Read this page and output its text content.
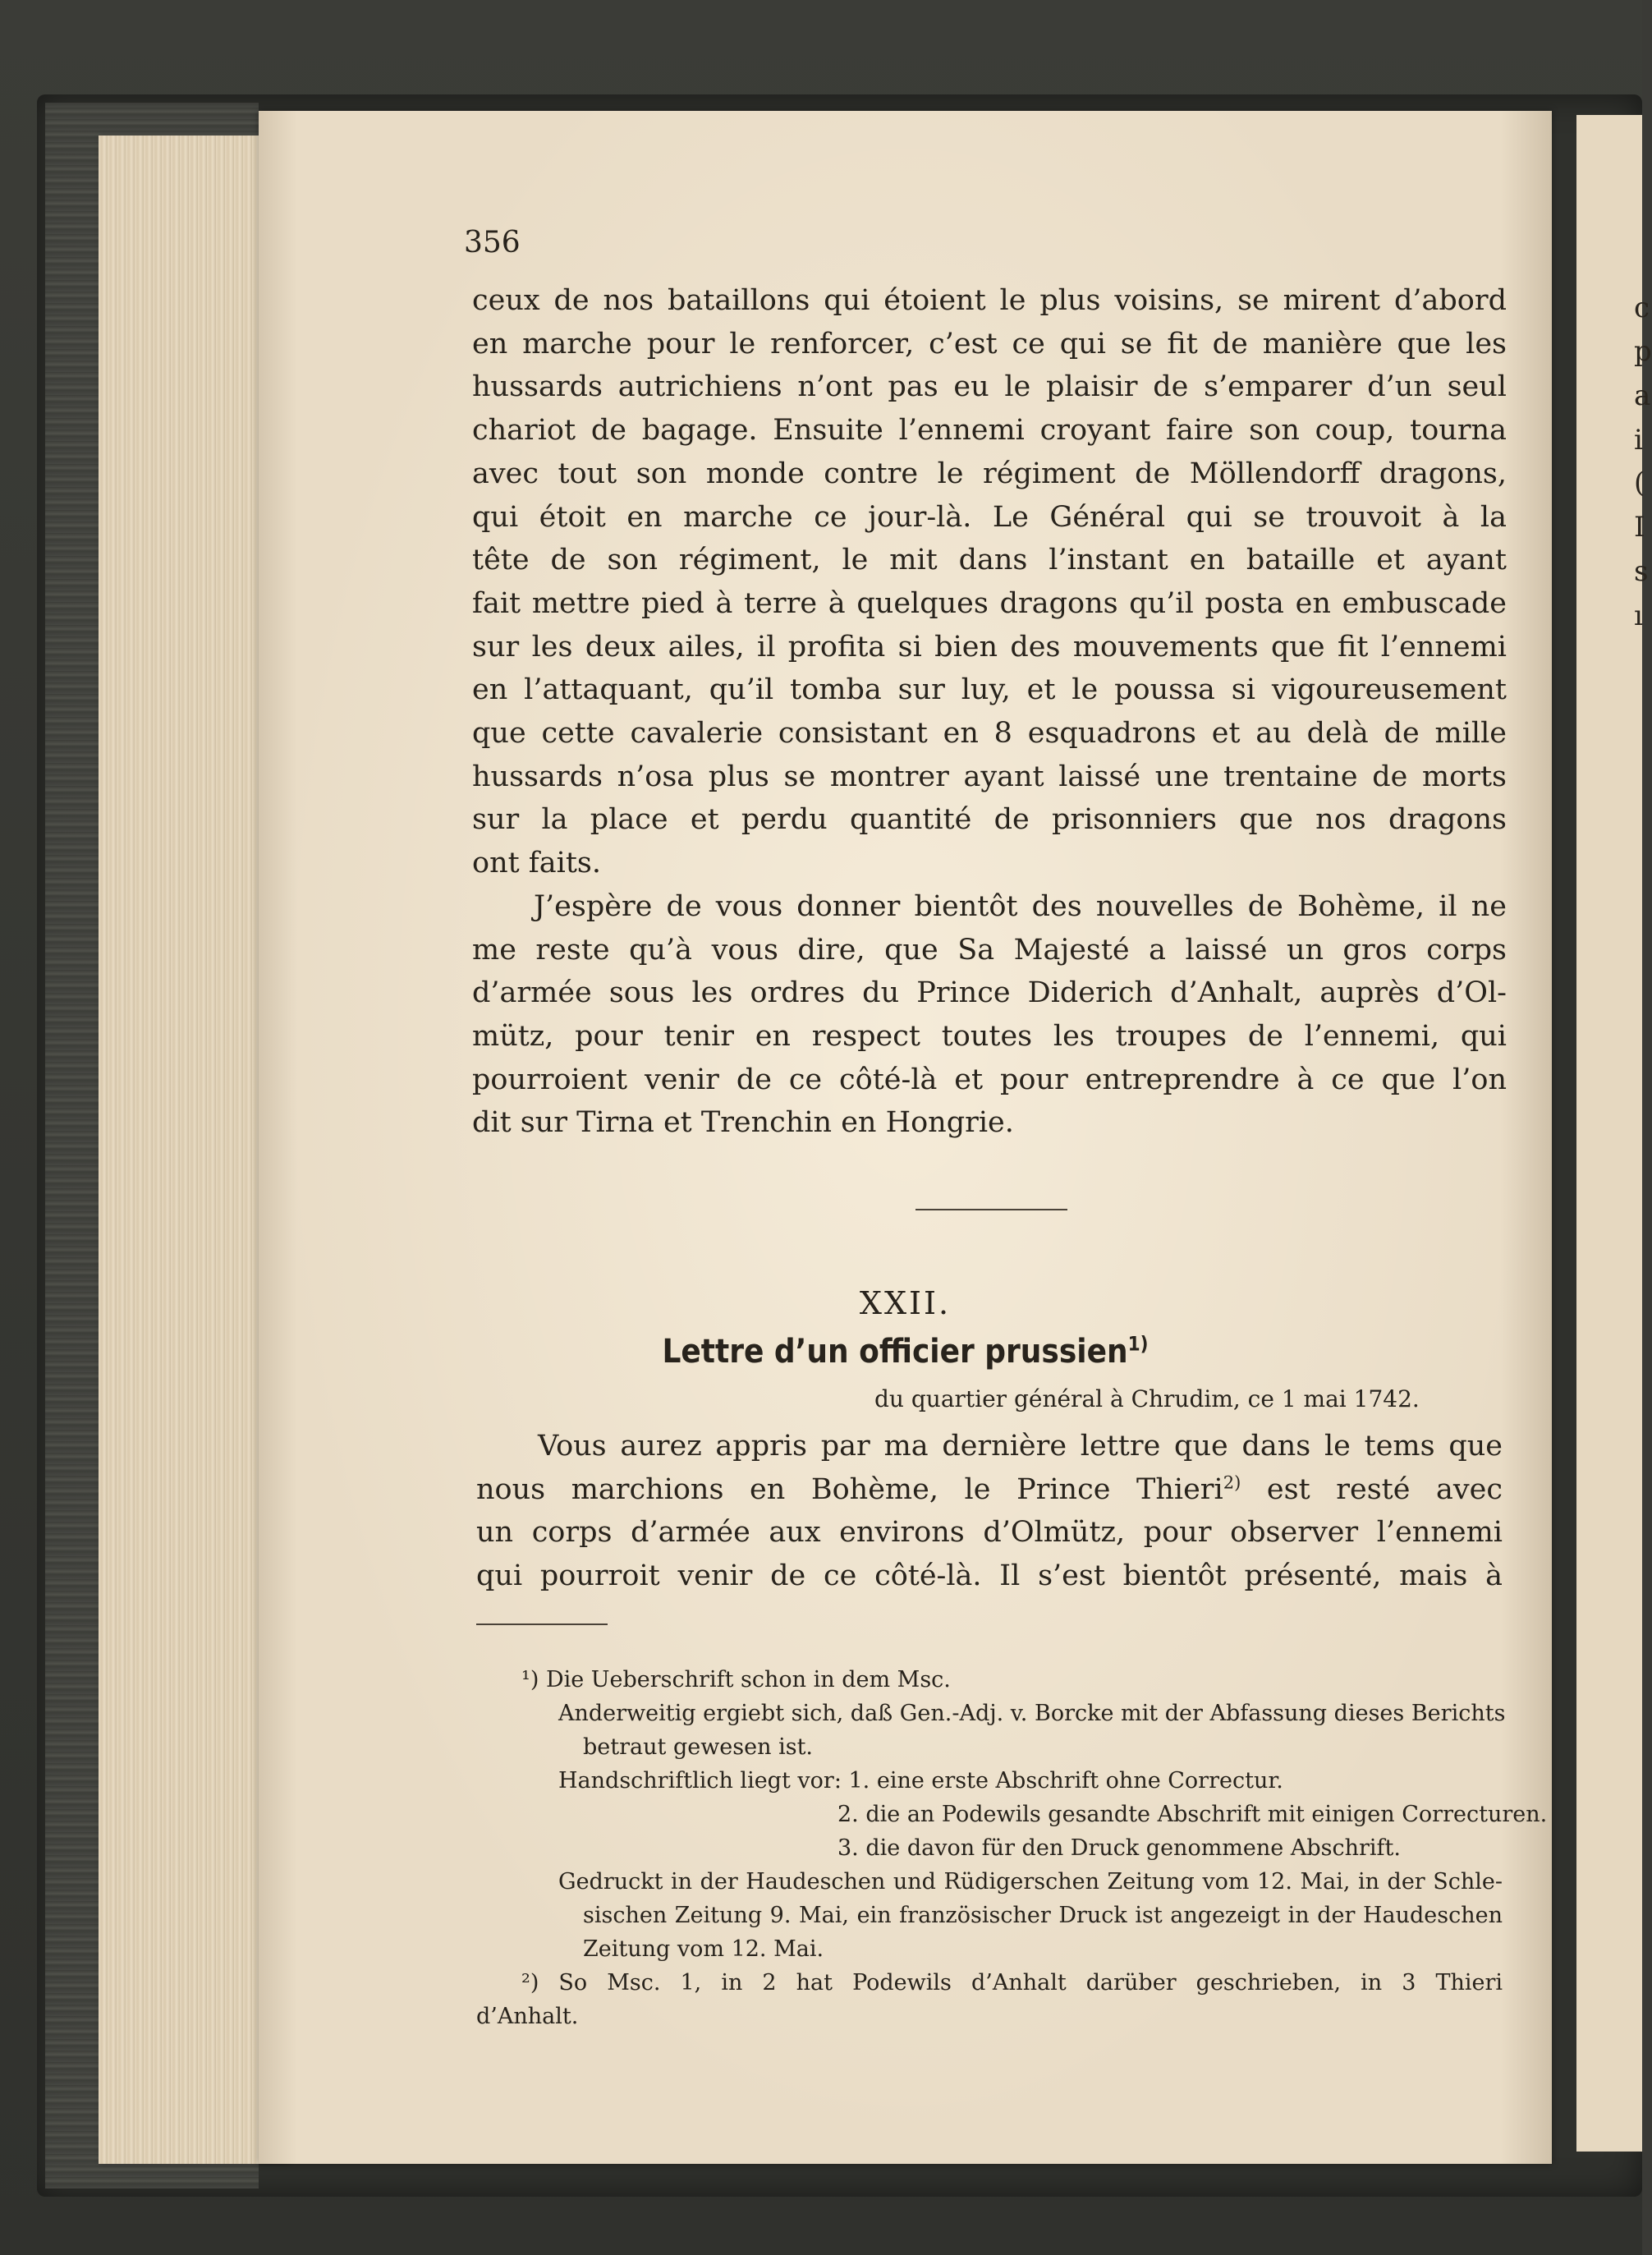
c
p
a
i
(
I
s
ı
356
ceux de nos bataillons qui étoient le plus voisins, se mirent d’abord
en marche pour le renforcer, c’est ce qui se fit de manière que les
hussards autrichiens n’ont pas eu le plaisir de s’emparer d’un seul
chariot de bagage. Ensuite l’ennemi croyant faire son coup, tourna
avec tout son monde contre le régiment de Möllendorff dragons,
qui étoit en marche ce jour-là. Le Général qui se trouvoit à la
tête de son régiment, le mit dans l’instant en bataille et ayant
fait mettre pied à terre à quelques dragons qu’il posta en embuscade
sur les deux ailes, il profita si bien des mouvements que fit l’ennemi
en l’attaquant, qu’il tomba sur luy, et le poussa si vigoureusement
que cette cavalerie consistant en 8 esquadrons et au delà de mille
hussards n’osa plus se montrer ayant laissé une trentaine de morts
sur la place et perdu quantité de prisonniers que nos dragons
ont faits.
J’espère de vous donner bientôt des nouvelles de Bohème, il ne
me reste qu’à vous dire, que Sa Majesté a laissé un gros corps
d’armée sous les ordres du Prince Diderich d’Anhalt, auprès d’Ol-
mütz, pour tenir en respect toutes les troupes de l’ennemi, qui
pourroient venir de ce côté-là et pour entreprendre à ce que l’on
dit sur Tirna et Trenchin en Hongrie.
XXII.
Lettre d’un officier prussien$^{1)}$
du quartier général à Chrudim, ce 1 mai 1742.
Vous aurez appris par ma dernière lettre que dans le tems que
nous marchions en Bohème, le Prince Thieri$^{2)}$ est resté avec
un corps d’armée aux environs d’Olmütz, pour observer l’ennemi
qui pourroit venir de ce côté-là. Il s’est bientôt présenté, mais à
¹) Die Ueberschrift schon in dem Msc.
Anderweitig ergiebt sich, daß Gen.-Adj. v. Borcke mit der Abfassung dieses Berichts
betraut gewesen ist.
Handschriftlich liegt vor: 1. eine erste Abschrift ohne Correctur.
2. die an Podewils gesandte Abschrift mit einigen Correcturen.
3. die davon für den Druck genommene Abschrift.
Gedruckt in der Haudeschen und Rüdigerschen Zeitung vom 12. Mai, in der Schle-
sischen Zeitung 9. Mai, ein französischer Druck ist angezeigt in der Haudeschen
Zeitung vom 12. Mai.
²) So Msc. 1, in 2 hat Podewils d’Anhalt darüber geschrieben, in 3 Thieri
d’Anhalt.
